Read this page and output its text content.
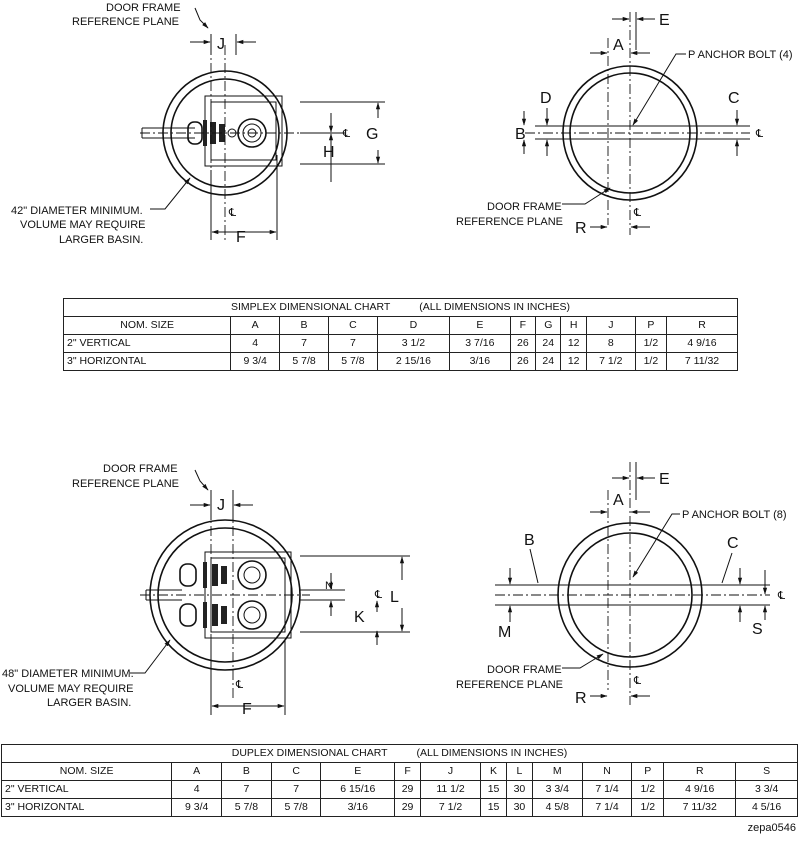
J
F
℄
H
G
℄
DOOR FRAME REFERENCE PLANE
42" DIAMETER MINIMUM. VOLUME MAY REQUIRE LARGER BASIN.
E
A
P ANCHOR BOLT (4)
D
B
C
℄
R
℄
DOOR FRAME REFERENCE PLANE
J
F
℄
N
K
L
℄
DOOR FRAME REFERENCE PLANE
48" DIAMETER MINIMUM. VOLUME MAY REQUIRE LARGER BASIN.
E
A
P ANCHOR BOLT (8)
B
M
C
S
℄
R
℄
DOOR FRAME REFERENCE PLANE
SIMPLEX DIMENSIONAL CHART          (ALL DIMENSIONS IN INCHES)											
NOM. SIZE	A	B	C	D	E	F	G	H	J	P	R
2" VERTICAL	4	7	7	3 1/2	3 7/16	26	24	12	8	1/2	4 9/16
3" HORIZONTAL	9 3/4	5 7/8	5 7/8	2 15/16	3/16	26	24	12	7 1/2	1/2	7 11/32
DUPLEX DIMENSIONAL CHART          (ALL DIMENSIONS IN INCHES)													
NOM. SIZE	A	B	C	E	F	J	K	L	M	N	P	R	S
2" VERTICAL	4	7	7	6 15/16	29	11 1/2	15	30	3 3/4	7 1/4	1/2	4 9/16	3 3/4
3" HORIZONTAL	9 3/4	5 7/8	5 7/8	3/16	29	7 1/2	15	30	4 5/8	7 1/4	1/2	7 11/32	4 5/16
zepa0546
